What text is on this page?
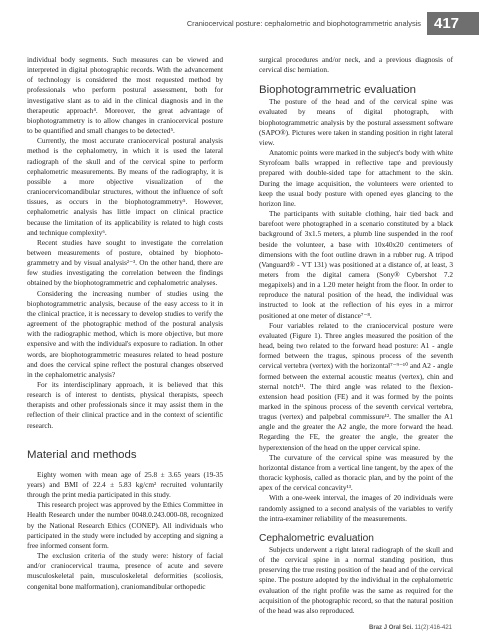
Craniocervical posture: cephalometric and biophotogrammetric analysis 417

individual body segments. Such measures can be viewed and interpreted in digital photographic records. With the advancement of technology is considered the most requested method by professionals who perform postural assessment, both for investigative slant as to aid in the clinical diagnosis and in the therapeutic approach⁴. Moreover, the great advantage of biophotogrammetry is to allow changes in craniocervical posture to be quantified and small changes to be detected⁵.

Currently, the most accurate craniocervical postural analysis method is the cephalometry, in which it is used the lateral radiograph of the skull and of the cervical spine to perform cephalometric measurements. By means of the radiography, it is possible a more objective visualization of the craniocervicomandibular structures, without the influence of soft tissues, as occurs in the biophotogrammetry⁵. However, cephalometric analysis has little impact on clinical practice because the limitation of its applicability is related to high costs and technique complexity⁶.

Recent studies have sought to investigate the correlation between measurements of posture, obtained by biophoto-grammetry and by visual analysis²⁻³. On the other hand, there are few studies investigating the correlation between the findings obtained by the biophotogrammetric and cephalometric analyses.

Considering the increasing number of studies using the biophotogrammetric analysis, because of the easy access to it in the clinical practice, it is necessary to develop studies to verify the agreement of the photographic method of the postural analysis with the radiographic method, which is more objective, but more expensive and with the individual's exposure to radiation. In other words, are biophotogrammetric measures related to head posture and does the cervical spine reflect the postural changes observed in the cephalometric analysis?

For its interdisciplinary approach, it is believed that this research is of interest to dentists, physical therapists, speech therapists and other professionals since it may assist them in the reflection of their clinical practice and in the context of scientific research.

Material and methods

Eighty women with mean age of 25.8 ± 3.65 years (19-35 years) and BMI of 22.4 ± 5.83 kg/cm² recruited voluntarily through the print media participated in this study.

This research project was approved by the Ethics Committee in Health Research under the number 0048.0.243.000-08, recognized by the National Research Ethics (CONEP). All individuals who participated in the study were included by accepting and signing a free informed consent form.

The exclusion criteria of the study were: history of facial and/or craniocervical trauma, presence of acute and severe musculoskeletal pain, musculoskeletal deformities (scoliosis, congenital bone malformation), craniomandibular orthopedic

surgical procedures and/or neck, and a previous diagnosis of cervical disc herniation.

Biophotogrammetric evaluation

The posture of the head and of the cervical spine was evaluated by means of digital photograph, with biophotogrammetric analysis by the postural assessment software (SAPO®). Pictures were taken in standing position in right lateral view.

Anatomic points were marked in the subject's body with white Styrofoam balls wrapped in reflective tape and previously prepared with double-sided tape for attachment to the skin. During the image acquisition, the volunteers were oriented to keep the usual body posture with opened eyes glancing to the horizon line.

The participants with suitable clothing, hair tied back and barefoot were photographed in a scenario constituted by a black background of 3x1.5 meters, a plumb line suspended in the roof beside the volunteer, a base with 10x40x20 centimeters of dimensions with the foot outline drawn in a rubber rug. A tripod (Vanguard® - VT 131) was positioned at a distance of, at least, 3 meters from the digital camera (Sony® Cybershot 7.2 megapixels) and in a 1.20 meter height from the floor. In order to reproduce the natural position of the head, the individual was instructed to look at the reflection of his eyes in a mirror positioned at one meter of distance⁷⁻⁸.

Four variables related to the craniocervical posture were evaluated (Figure 1). Three angles measured the position of the head, being two related to the forward head posture: A1 - angle formed between the tragus, spinous process of the seventh cervical vertebra (vertex) with the horizontal⁷⁻⁹⁻¹⁰ and A2 - angle formed between the external acoustic meatus (vertex), chin and sternal notch¹¹. The third angle was related to the flexion-extension head position (FE) and it was formed by the points marked in the spinous process of the seventh cervical vertebra, tragus (vertex) and palpebral commissure¹². The smaller the A1 angle and the greater the A2 angle, the more forward the head. Regarding the FE, the greater the angle, the greater the hyperextension of the head on the upper cervical spine.

The curvature of the cervical spine was measured by the horizontal distance from a vertical line tangent, by the apex of the thoracic kyphosis, called as thoracic plan, and by the point of the apex of the cervical concavity¹³.

With a one-week interval, the images of 20 individuals were randomly assigned to a second analysis of the variables to verify the intra-examiner reliability of the measurements.

Cephalometric evaluation

Subjects underwent a right lateral radiograph of the skull and of the cervical spine in a normal standing position, thus preserving the true resting position of the head and of the cervical spine. The posture adopted by the individual in the cephalometric evaluation of the right profile was the same as required for the acquisition of the photographic record, so that the natural position of the head was also reproduced.

Braz J Oral Sci. 11(2):416-421
